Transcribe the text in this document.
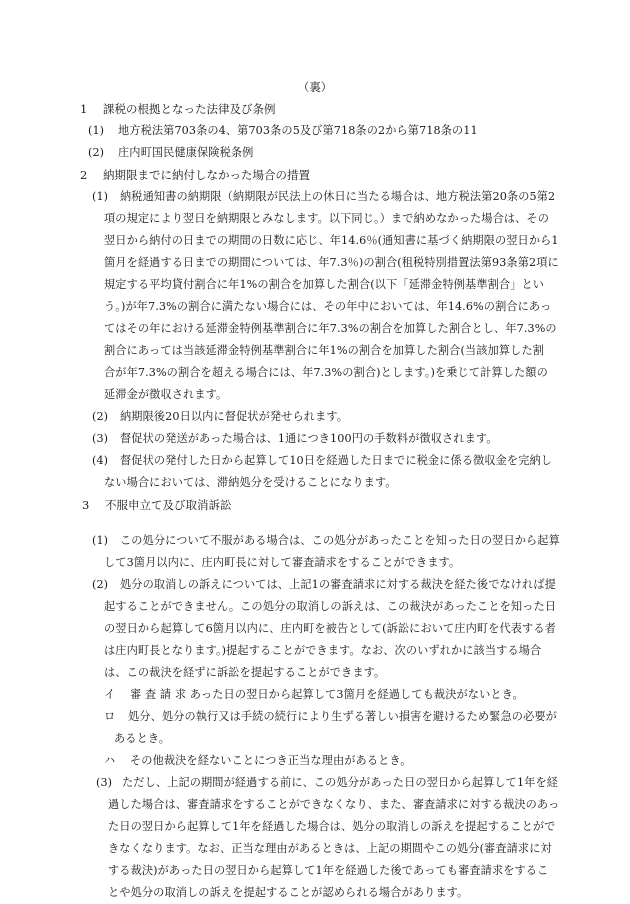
（裏）
1 課税の根拠となった法律及び条例
(1) 地方税法第703条の4、第703条の5及び第718条の2から第718条の11
(2) 庄内町国民健康保険税条例
2 納期限までに納付しなかった場合の措置
(1) 納税通知書の納期限（納期限が民法上の休日に当たる場合は、地方税法第20条の5第2
項の規定により翌日を納期限とみなします。以下同じ。）まで納めなかった場合は、その
翌日から納付の日までの期間の日数に応じ、年14.6％(通知書に基づく納期限の翌日から1
箇月を経過する日までの期間については、年7.3％)の割合(租税特別措置法第93条第2項に
規定する平均貸付割合に年1%の割合を加算した割合(以下「延滞金特例基準割合」とい
う。)が年7.3%の割合に満たない場合には、その年中においては、年14.6%の割合にあっ
てはその年における延滞金特例基準割合に年7.3%の割合を加算した割合とし、年7.3%の
割合にあっては当該延滞金特例基準割合に年1%の割合を加算した割合(当該加算した割
合が年7.3%の割合を超える場合には、年7.3%の割合)とします。)を乗じて計算した額の
延滞金が徴収されます。
(2) 納期限後20日以内に督促状が発せられます。
(3) 督促状の発送があった場合は、1通につき100円の手数料が徴収されます。
(4) 督促状の発付した日から起算して10日を経過した日までに税金に係る徴収金を完納し
ない場合においては、滞納処分を受けることになります。
3 不服申立て及び取消訴訟
(1) この処分について不服がある場合は、この処分があったことを知った日の翌日から起算
して3箇月以内に、庄内町長に対して審査請求をすることができます。
(2) 処分の取消しの訴えについては、上記1の審査請求に対する裁決を経た後でなければ提
起することができません。この処分の取消しの訴えは、この裁決があったことを知った日
の翌日から起算して6箇月以内に、庄内町を被告として(訴訟において庄内町を代表する者
は庄内町長となります。)提起することができます。なお、次のいずれかに該当する場合
は、この裁決を経ずに訴訟を提起することができます。
イ 審 査 請 求 あった日の翌日から起算して3箇月を経過しても裁決がないとき。
ロ 処分、処分の執行又は手続の続行により生ずる著しい損害を避けるため緊急の必要が
あるとき。
ハ その他裁決を経ないことにつき正当な理由があるとき。
(3) ただし、上記の期間が経過する前に、この処分があった日の翌日から起算して1年を経
過した場合は、審査請求をすることができなくなり、また、審査請求に対する裁決のあっ
た日の翌日から起算して1年を経過した場合は、処分の取消しの訴えを提起することがで
きなくなります。なお、正当な理由があるときは、上記の期間やこの処分(審査請求に対
する裁決)があった日の翌日から起算して1年を経過した後であっても審査請求をするこ
とや処分の取消しの訴えを提起することが認められる場合があります。
